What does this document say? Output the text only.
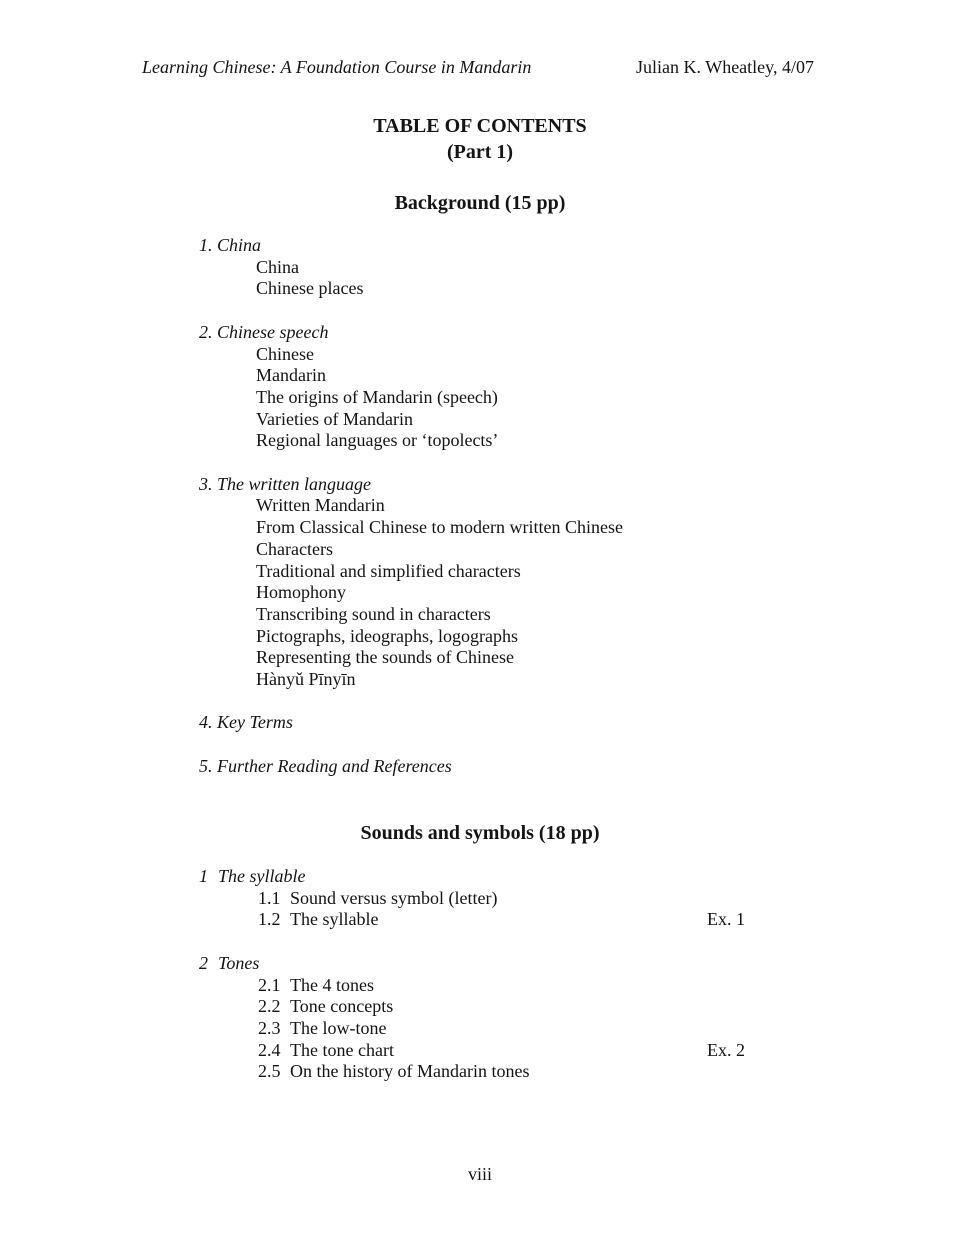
Learning Chinese: A Foundation Course in Mandarin	Julian K. Wheatley, 4/07
TABLE OF CONTENTS
(Part 1)
Background (15 pp)
1. China
China
Chinese places
2. Chinese speech
Chinese
Mandarin
The origins of Mandarin (speech)
Varieties of Mandarin
Regional languages or ‘topolects’
3. The written language
Written Mandarin
From Classical Chinese to modern written Chinese
Characters
Traditional and simplified characters
Homophony
Transcribing sound in characters
Pictographs, ideographs, logographs
Representing the sounds of Chinese
Hànyǔ Pīnyīn
4. Key Terms
5. Further Reading and References
Sounds and symbols (18 pp)
1 The syllable
1.1 Sound versus symbol (letter)
1.2 The syllable	Ex. 1
2 Tones
2.1 The 4 tones
2.2 Tone concepts
2.3 The low-tone
2.4 The tone chart	Ex. 2
2.5 On the history of Mandarin tones
viii
